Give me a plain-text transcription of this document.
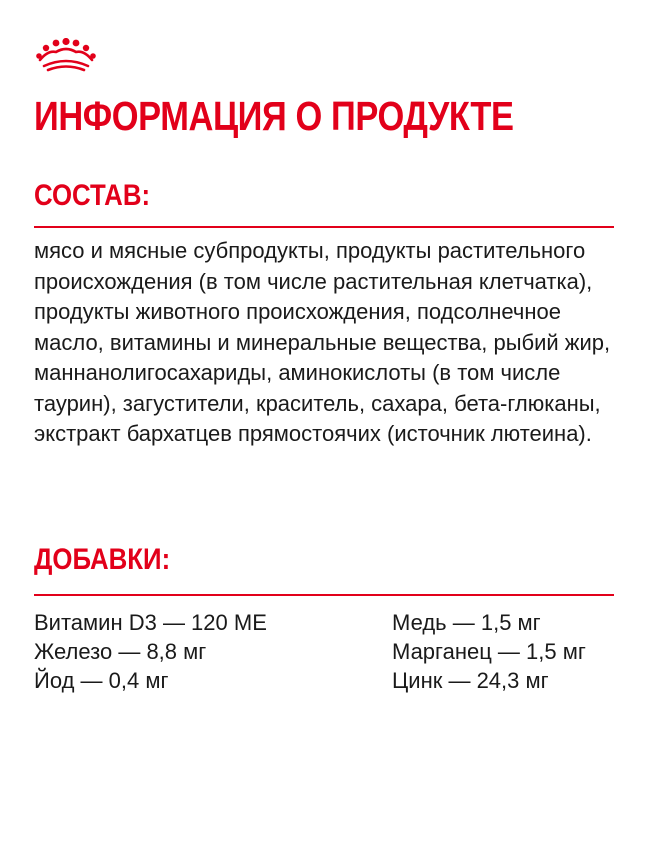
ИНФОРМАЦИЯ О ПРОДУКТЕ
СОСТАВ:

мясо и мясные субпродукты, продукты растительного происхождения (в том числе растительная клетчатка), продукты животного происхождения, подсолнечное масло, витамины и минеральные вещества, рыбий жир, маннанолигосахариды, аминокислоты (в том числе таурин), загустители, краситель, сахара, бета-глюканы, экстракт бархатцев прямостоячих (источник лютеина).

ДОБАВКИ:
Витамин D3 — 120 МЕ	Медь — 1,5 мг
Железо — 8,8 мг	Марганец — 1,5 мг
Йод — 0,4 мг	Цинк — 24,3 мг
